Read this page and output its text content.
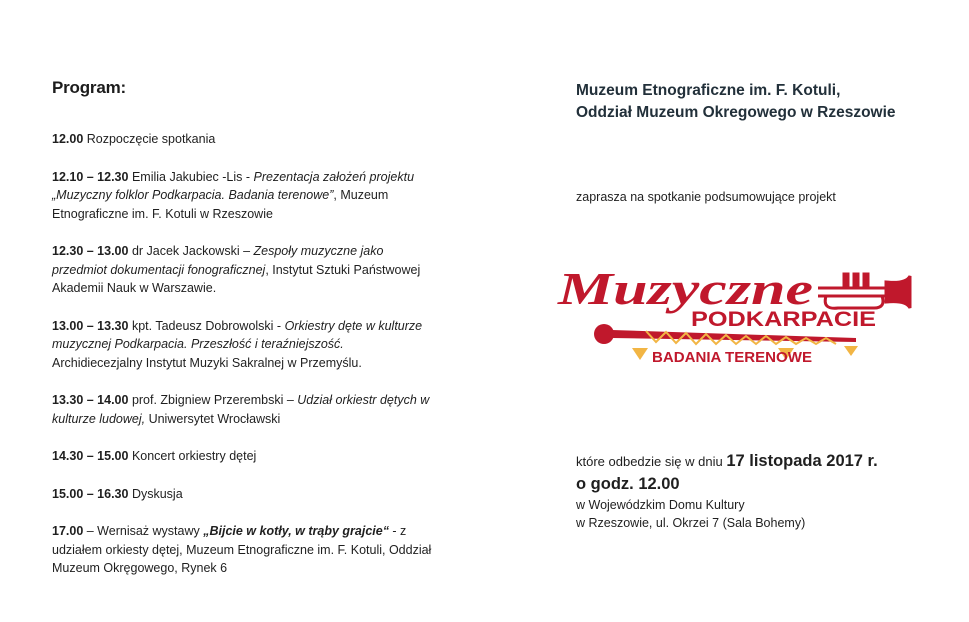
Program:
12.00 Rozpoczęcie spotkania
12.10 – 12.30 Emilia Jakubiec -Lis - Prezentacja założeń projektu „Muzyczny folklor Podkarpacia. Badania terenowe”, Muzeum Etnograficzne im. F. Kotuli w Rzeszowie
12.30 – 13.00 dr Jacek Jackowski – Zespoły muzyczne jako przedmiot dokumentacji fonograficznej, Instytut Sztuki Państwowej Akademii Nauk w Warszawie.
13.00 – 13.30 kpt. Tadeusz Dobrowolski - Orkiestry dęte w kulturze muzycznej Podkarpacia. Przeszłość i teraźniejszość. Archidiecezjalny Instytut Muzyki Sakralnej w Przemyślu.
13.30 – 14.00 prof. Zbigniew Przerembski – Udział orkiestr dętych w kulturze ludowej, Uniwersytet Wrocławski
14.30 – 15.00 Koncert orkiestry dętej
15.00 – 16.30 Dyskusja
17.00 – Wernisaż wystawy „Bijcie w kotły, w trąby grajcie“ - z udziałem orkiesty dętej, Muzeum Etnograficzne im. F. Kotuli, Oddział Muzeum Okręgowego, Rynek 6
Muzeum Etnograficzne im. F. Kotuli,
Oddział Muzeum Okregowego w Rzeszowie
zaprasza na spotkanie podsumowujące projekt
Muzyczne
PODKARPACIE
BADANIA TERENOWE
które odbedzie się w dniu 17 listopada 2017 r.
o godz. 12.00
w Wojewódzkim Domu Kultury
w Rzeszowie, ul. Okrzei 7 (Sala Bohemy)
